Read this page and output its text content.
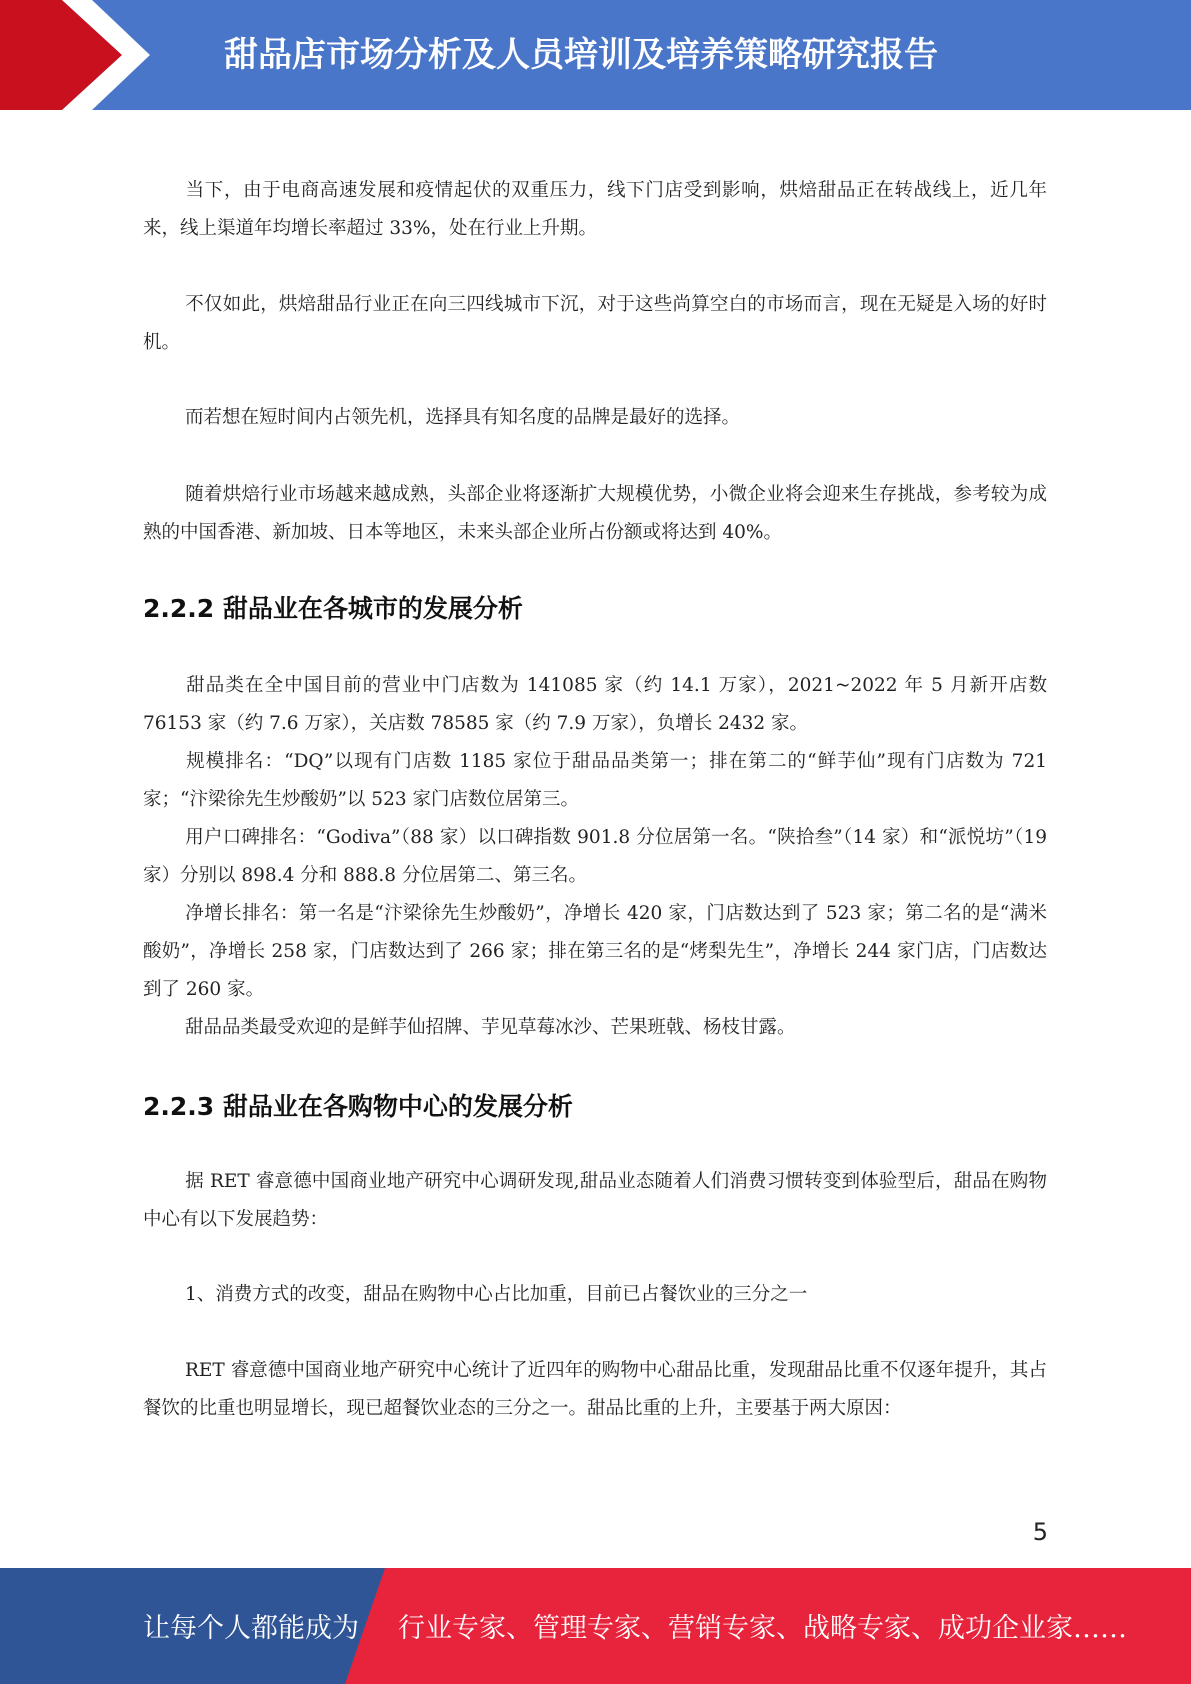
甜品店市场分析及人员培训及培养策略研究报告

当下，由于电商高速发展和疫情起伏的双重压力，线下门店受到影响，烘焙甜品正在转战线上，近几年来，线上渠道年均增长率超过 33%，处在行业上升期。

不仅如此，烘焙甜品行业正在向三四线城市下沉，对于这些尚算空白的市场而言，现在无疑是入场的好时机。

而若想在短时间内占领先机，选择具有知名度的品牌是最好的选择。

随着烘焙行业市场越来越成熟，头部企业将逐渐扩大规模优势，小微企业将会迎来生存挑战，参考较为成熟的中国香港、新加坡、日本等地区，未来头部企业所占份额或将达到 40%。

2.2.2 甜品业在各城市的发展分析

甜品类在全中国目前的营业中门店数为 141085 家（约 14.1 万家），2021~2022 年 5 月新开店数 76153 家（约 7.6 万家），关店数 78585 家（约 7.9 万家），负增长 2432 家。

规模排名：“DQ”以现有门店数 1185 家位于甜品品类第一；排在第二的“鲜芋仙”现有门店数为 721 家；“汴梁徐先生炒酸奶”以 523 家门店数位居第三。

用户口碑排名：“Godiva”（88 家）以口碑指数 901.8 分位居第一名。“陕拾叁”（14 家）和“派悦坊”（19 家）分别以 898.4 分和 888.8 分位居第二、第三名。

净增长排名：第一名是“汴梁徐先生炒酸奶”，净增长 420 家，门店数达到了 523 家；第二名的是“满米酸奶”，净增长 258 家，门店数达到了 266 家；排在第三名的是“烤梨先生”，净增长 244 家门店，门店数达到了 260 家。

甜品品类最受欢迎的是鲜芋仙招牌、芋见草莓冰沙、芒果班戟、杨枝甘露。

2.2.3 甜品业在各购物中心的发展分析

据 RET 睿意德中国商业地产研究中心调研发现,甜品业态随着人们消费习惯转变到体验型后，甜品在购物中心有以下发展趋势：

1、消费方式的改变，甜品在购物中心占比加重，目前已占餐饮业的三分之一

RET 睿意德中国商业地产研究中心统计了近四年的购物中心甜品比重，发现甜品比重不仅逐年提升，其占餐饮的比重也明显增长，现已超餐饮业态的三分之一。甜品比重的上升，主要基于两大原因：

5
让每个人都能成为 行业专家、管理专家、营销专家、战略专家、成功企业家……
